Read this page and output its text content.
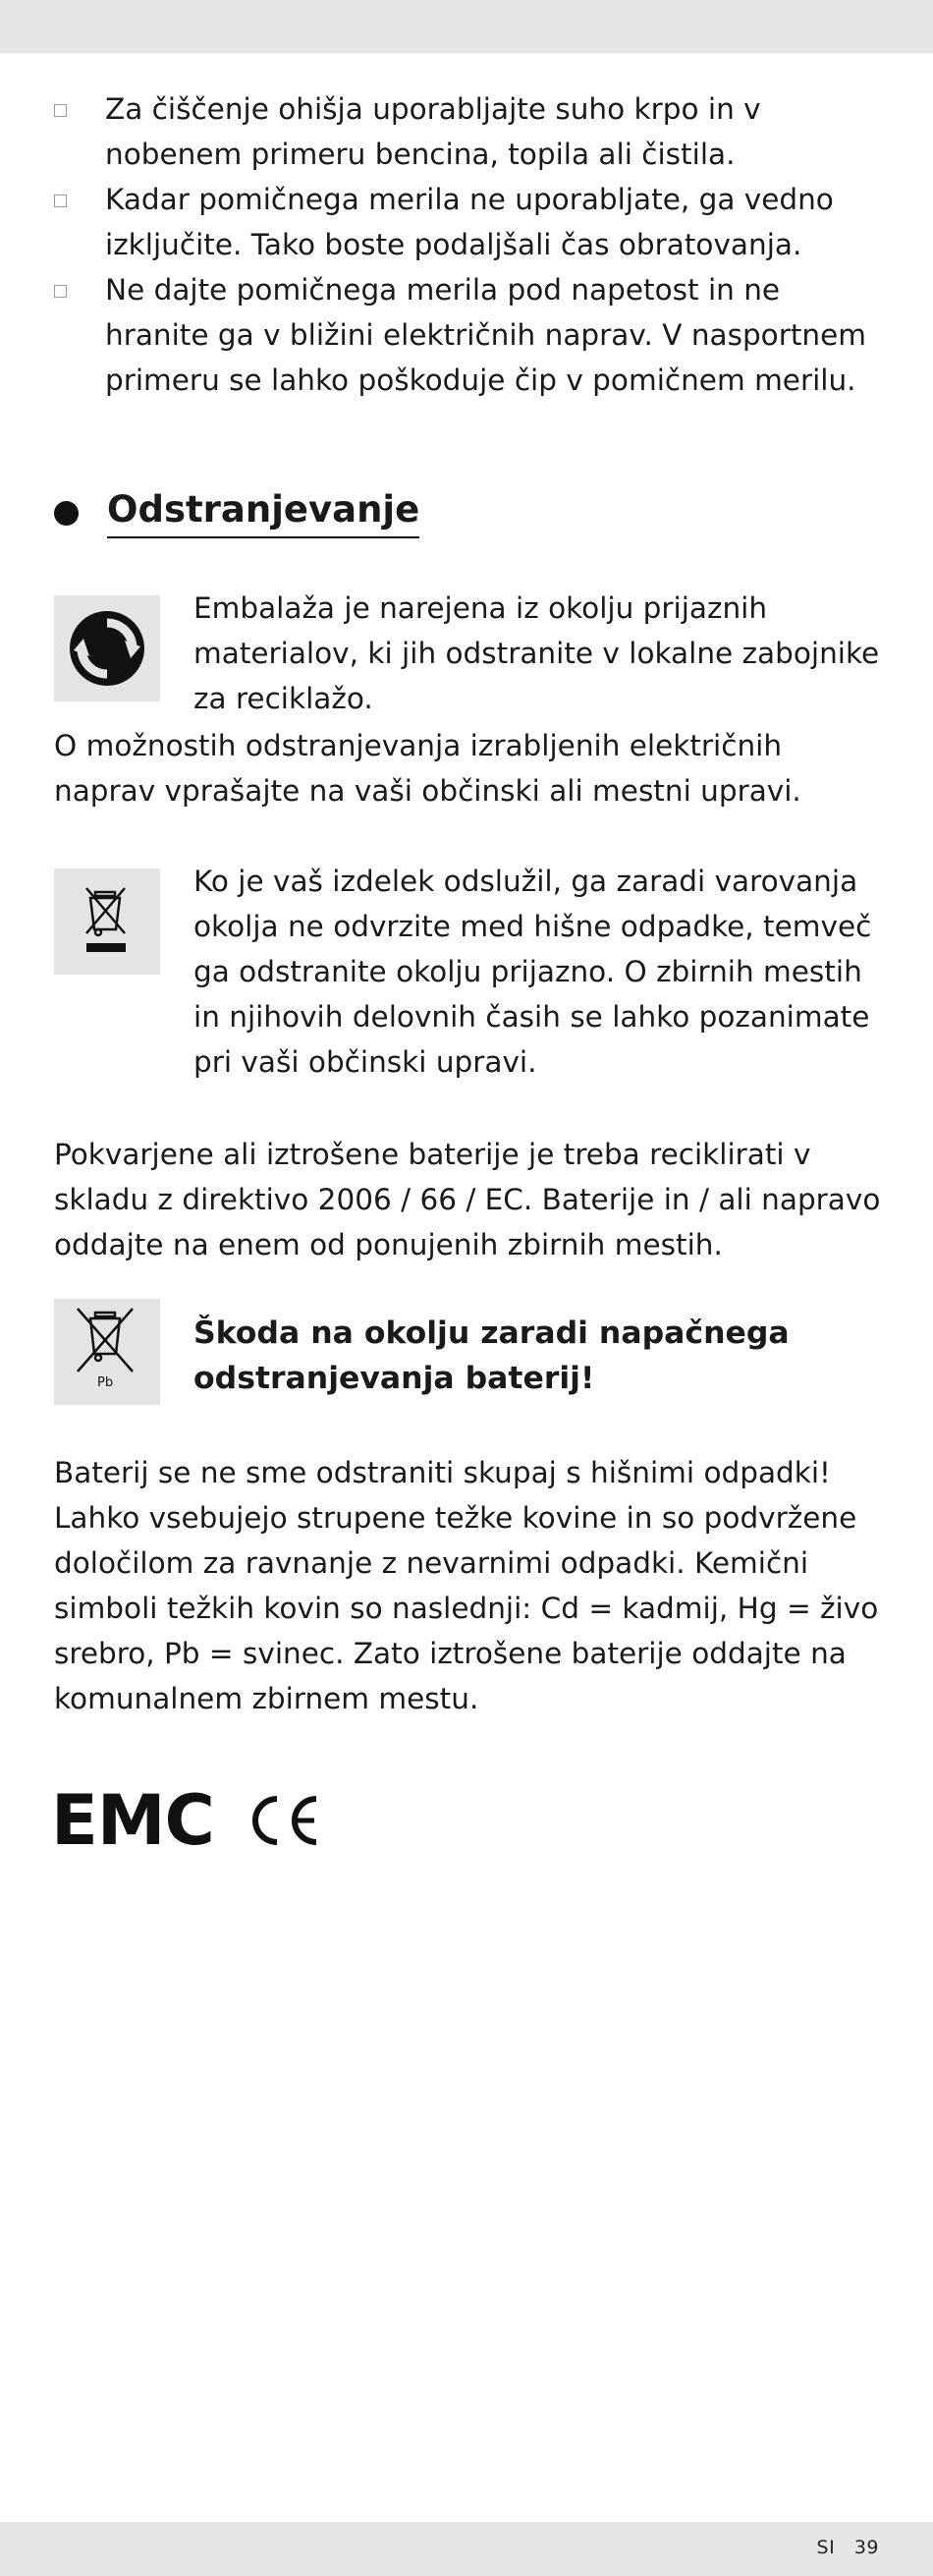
Za čiščenje ohišja uporabljajte suho krpo in v nobenem primeru bencina, topila ali čistila.

Kadar pomičnega merila ne uporabljate, ga vedno izključite. Tako boste podaljšali čas obratovanja.

Ne dajte pomičnega merila pod napetost in ne hranite ga v bližini električnih naprav. V nasportnem primeru se lahko poškoduje čip v pomičnem merilu.

Odstranjevanje

Embalaža je narejena iz okolju prijaznih materialov, ki jih odstranite v lokalne zabojnike za reciklažo.

O možnostih odstranjevanja izrabljenih električnih naprav vprašajte na vaši občinski ali mestni upravi.

Ko je vaš izdelek odslužil, ga zaradi varovanja okolja ne odvrzite med hišne odpadke, temveč ga odstranite okolju prijazno. O zbirnih mestih in njihovih delovnih časih se lahko pozanimate pri vaši občinski upravi.

Pokvarjene ali iztrošene baterije je treba reciklirati v skladu z direktivo 2006 / 66 / EC. Baterije in / ali napravo oddajte na enem od ponujenih zbirnih mestih.

Pb

Škoda na okolju zaradi napačnega odstranjevanja baterij!

Baterij se ne sme odstraniti skupaj s hišnimi odpadki! Lahko vsebujejo strupene težke kovine in so podvržene določilom za ravnanje z nevarnimi odpadki. Kemični simboli težkih kovin so naslednji: Cd = kadmij, Hg = živo srebro, Pb = svinec. Zato iztrošene baterije oddajte na komunalnem zbirnem mestu.

EMC
SI   39
